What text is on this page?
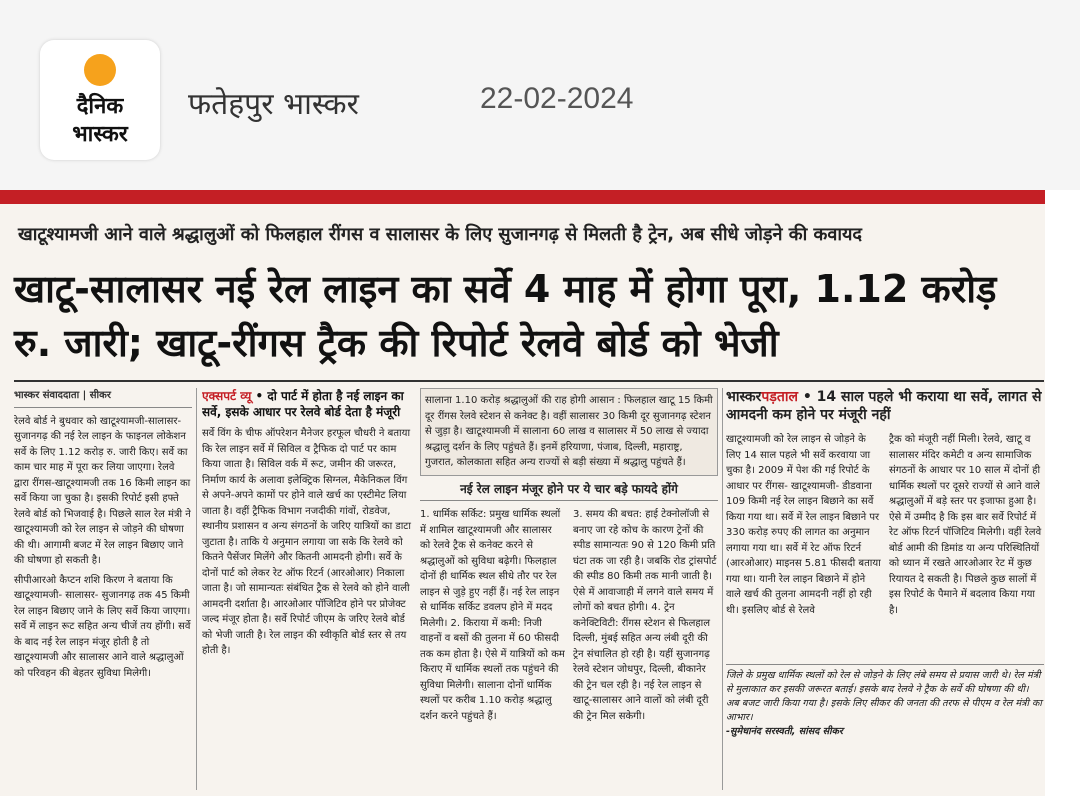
दैनिक
भास्कर
फतेहपुर भास्कर	22-02-2024
खाटूश्यामजी आने वाले श्रद्धालुओं को फिलहाल रींगस व सालासर के लिए सुजानगढ़ से मिलती है ट्रेन, अब सीधे जोड़ने की कवायद
खाटू-सालासर नई रेल लाइन का सर्वे 4 माह में होगा पूरा, 1.12 करोड़ रु. जारी; खाटू-रींगस ट्रैक की रिपोर्ट रेलवे बोर्ड को भेजी
भास्कर संवाददाता | सीकर

रेलवे बोर्ड ने बुधवार को खाटूश्यामजी-सालासर- सुजानगढ़ की नई रेल लाइन के फाइनल लोकेशन सर्वे के लिए 1.12 करोड़ रु. जारी किए। सर्वे का काम चार माह में पूरा कर लिया जाएगा। रेलवे द्वारा रींगस-खाटूश्यामजी तक 16 किमी लाइन का सर्वे किया जा चुका है। इसकी रिपोर्ट इसी हफ्ते रेलवे बोर्ड को भिजवाई है। पिछले साल रेल मंत्री ने खाटूश्यामजी को रेल लाइन से जोड़ने की घोषणा की थी। आगामी बजट में रेल लाइन बिछाए जाने की घोषणा हो सकती है।

सीपीआरओ कैप्टन शशि किरण ने बताया कि खाटूश्यामजी- सालासर- सुजानगढ़ तक 45 किमी रेल लाइन बिछाए जाने के लिए सर्वे किया जाएगा। सर्वे में लाइन रूट सहित अन्य चीजें तय होंगी। सर्वे के बाद नई रेल लाइन मंजूर होती है तो खाटूश्यामजी और सालासर आने वाले श्रद्धालुओं को परिवहन की बेहतर सुविधा मिलेगी।

एक्सपर्ट व्यू • दो पार्ट में होता है नई लाइन का सर्वे, इसके आधार पर रेलवे बोर्ड देता है मंजूरी

सर्वे विंग के चीफ ऑपरेशन मैनेजर हरफूल चौधरी ने बताया कि रेल लाइन सर्वे में सिविल व ट्रैफिक दो पार्ट पर काम किया जाता है। सिविल वर्क में रूट, जमीन की जरूरत, निर्माण कार्य के अलावा इलेक्ट्रिक सिग्नल, मैकेनिकल विंग से अपने-अपने कामों पर होने वाले खर्च का एस्टीमेट लिया जाता है। वहीं ट्रैफिक विभाग नजदीकी गांवों, रोडवेज, स्थानीय प्रशासन व अन्य संगठनों के जरिए यात्रियों का डाटा जुटाता है। ताकि ये अनुमान लगाया जा सके कि रेलवे को कितने पैसेंजर मिलेंगे और कितनी आमदनी होगी। सर्वे के दोनों पार्ट को लेकर रेट ऑफ रिटर्न (आरओआर) निकाला जाता है। जो सामान्यतः संबंधित ट्रैक से रेलवे को होने वाली आमदनी दर्शाता है। आरओआर पॉजिटिव होने पर प्रोजेक्ट जल्द मंजूर होता है। सर्वे रिपोर्ट जीएम के जरिए रेलवे बोर्ड को भेजी जाती है। रेल लाइन की स्वीकृति बोर्ड स्तर से तय होती है।

सालाना 1.10 करोड़ श्रद्धालुओं की राह होगी आसान : फिलहाल खाटू 15 किमी दूर रींगस रेलवे स्टेशन से कनेक्ट है। वहीं सालासर 30 किमी दूर सुजानगढ़ स्टेशन से जुड़ा है। खाटूश्यामजी में सालाना 60 लाख व सालासर में 50 लाख से ज्यादा श्रद्धालु दर्शन के लिए पहुंचते हैं। इनमें हरियाणा, पंजाब, दिल्ली, महाराष्ट्र, गुजरात, कोलकाता सहित अन्य राज्यों से बड़ी संख्या में श्रद्धालु पहुंचते हैं।
नई रेल लाइन मंजूर होने पर ये चार बड़े फायदे होंगे
1. धार्मिक सर्किट: प्रमुख धार्मिक स्थलों में शामिल खाटूश्यामजी और सालासर को रेलवे ट्रैक से कनेक्ट करने से श्रद्धालुओं को सुविधा बढ़ेगी। फिलहाल दोनों ही धार्मिक स्थल सीधे तौर पर रेल लाइन से जुड़े हुए नहीं हैं। नई रेल लाइन से धार्मिक सर्किट डवलप होने में मदद मिलेगी। 2. किराया में कमी: निजी वाहनों व बसों की तुलना में 60 फीसदी तक कम होता है। ऐसे में यात्रियों को कम किराए में धार्मिक स्थलों तक पहुंचने की सुविधा मिलेगी। सालाना दोनों धार्मिक स्थलों पर करीब 1.10 करोड़ श्रद्धालु दर्शन करने पहुंचते हैं।
3. समय की बचत: हाई टेक्नोलॉजी से बनाए जा रहे कोच के कारण ट्रेनों की स्पीड सामान्यतः 90 से 120 किमी प्रति घंटा तक जा रही है। जबकि रोड ट्रांसपोर्ट की स्पीड 80 किमी तक मानी जाती है। ऐसे में आवाजाही में लगने वाले समय में लोगों को बचत होगी। 4. ट्रेन कनेक्टिविटी: रींगस स्टेशन से फिलहाल दिल्ली, मुंबई सहित अन्य लंबी दूरी की ट्रेन संचालित हो रही है। यहीं सुजानगढ़ रेलवे स्टेशन जोधपुर, दिल्ली, बीकानेर की ट्रेन चल रही है। नई रेल लाइन से खाटू-सालासर आने वालों को लंबी दूरी की ट्रेन मिल सकेगी।
भास्करपड़ताल • 14 साल पहले भी कराया था सर्वे, लागत से आमदनी कम होने पर मंजूरी नहीं
खाटूश्यामजी को रेल लाइन से जोड़ने के लिए 14 साल पहले भी सर्वे करवाया जा चुका है। 2009 में पेश की गई रिपोर्ट के आधार पर रींगस- खाटूश्यामजी- डीडवाना 109 किमी नई रेल लाइन बिछाने का सर्वे किया गया था। सर्वे में रेल लाइन बिछाने पर 330 करोड़ रुपए की लागत का अनुमान लगाया गया था। सर्वे में रेट ऑफ रिटर्न (आरओआर) माइनस 5.81 फीसदी बताया गया था। यानी रेल लाइन बिछाने में होने वाले खर्च की तुलना आमदनी नहीं हो रही थी। इसलिए बोर्ड से रेलवे
ट्रैक को मंजूरी नहीं मिली। रेलवे, खाटू व सालासर मंदिर कमेटी व अन्य सामाजिक संगठनों के आधार पर 10 साल में दोनों ही धार्मिक स्थलों पर दूसरे राज्यों से आने वाले श्रद्धालुओं में बड़े स्तर पर इजाफा हुआ है। ऐसे में उम्मीद है कि इस बार सर्वे रिपोर्ट में रेट ऑफ रिटर्न पॉजिटिव मिलेगी। वहीं रेलवे बोर्ड आमी की डिमांड या अन्य परिस्थितियों को ध्यान में रखते आरओआर रेट में कुछ रियायत दे सकती है। पिछले कुछ सालों में इस रिपोर्ट के पैमाने में बदलाव किया गया है।
जिले के प्रमुख धार्मिक स्थलों को रेल से जोड़ने के लिए लंबे समय से प्रयास जारी थे। रेल मंत्री से मुलाकात कर इसकी जरूरत बताई। इसके बाद रेलवे ने ट्रैक के सर्वे की घोषणा की थी। अब बजट जारी किया गया है। इसके लिए सीकर की जनता की तरफ से पीएम व रेल मंत्री का आभार।
-सुमेधानंद सरस्वती, सांसद सीकर
